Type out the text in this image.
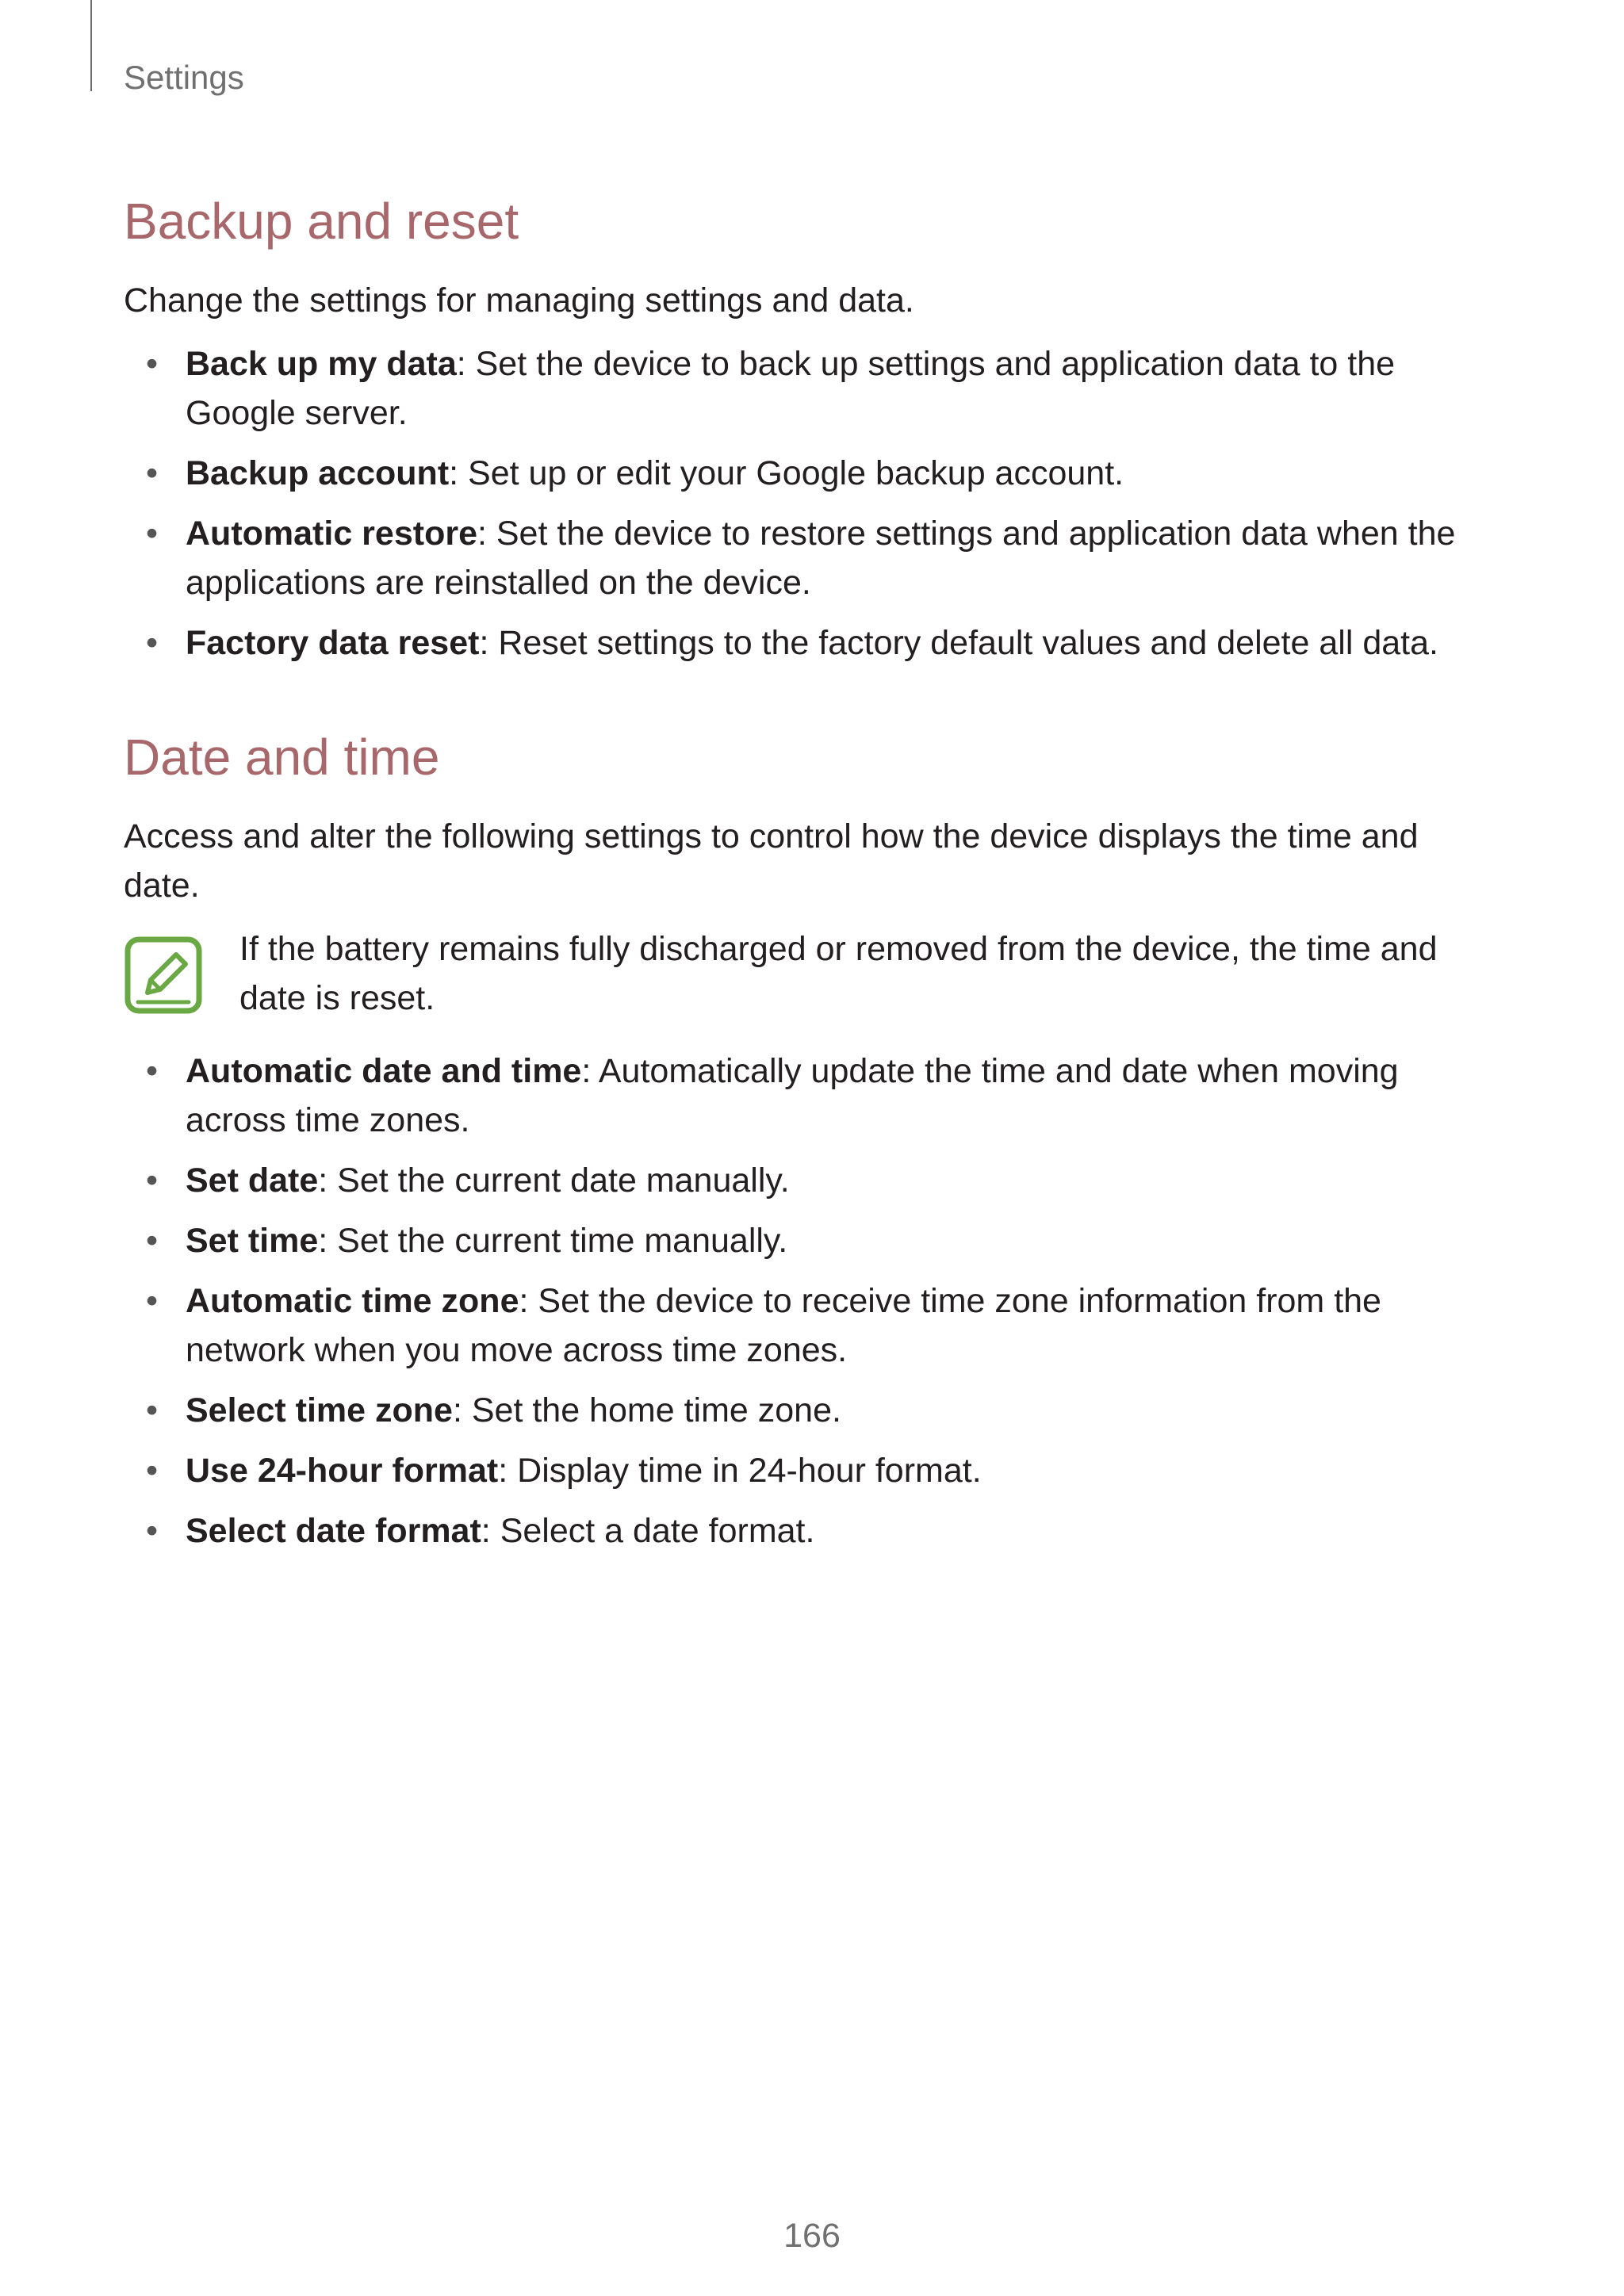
Settings
Backup and reset

Change the settings for managing settings and data.

• Back up my data: Set the device to back up settings and application data to the Google server.
• Backup account: Set up or edit your Google backup account.
• Automatic restore: Set the device to restore settings and application data when the applications are reinstalled on the device.
• Factory data reset: Reset settings to the factory default values and delete all data.
Date and time

Access and alter the following settings to control how the device displays the time and date.

If the battery remains fully discharged or removed from the device, the time and date is reset.
• Automatic date and time: Automatically update the time and date when moving across time zones.
• Set date: Set the current date manually.
• Set time: Set the current time manually.
• Automatic time zone: Set the device to receive time zone information from the network when you move across time zones.
• Select time zone: Set the home time zone.
• Use 24-hour format: Display time in 24-hour format.
• Select date format: Select a date format.
166
